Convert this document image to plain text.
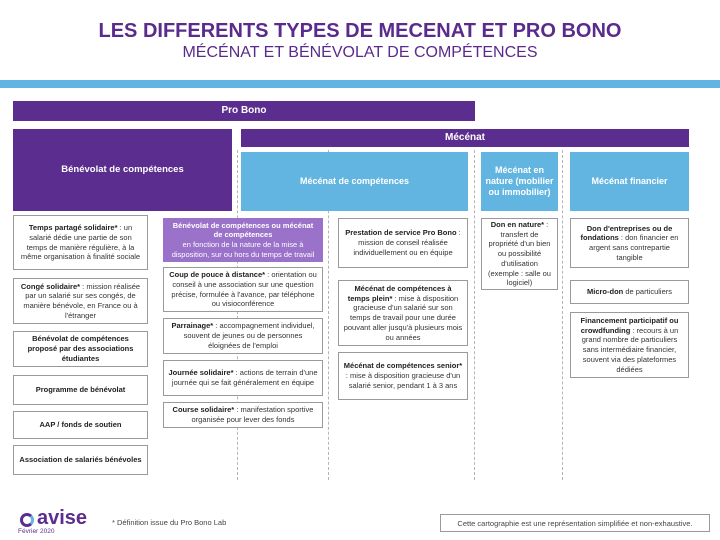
LES DIFFERENTS TYPES DE MECENAT ET PRO BONO
MÉCÉNAT ET BÉNÉVOLAT DE COMPÉTENCES
Pro Bono
Mécénat
Bénévolat de compétences
Mécénat de compétences
Mécénat en nature (mobilier ou immobilier)
Mécénat financier
Temps partagé solidaire* : un salarié dédie une partie de son temps de manière régulière, à la même organisation à finalité sociale
Congé solidaire* : mission réalisée par un salarié sur ses congés, de manière bénévole, en France ou à l'étranger
Bénévolat de compétences proposé par des associations étudiantes
Programme de bénévolat
AAP / fonds de soutien
Association de salariés bénévoles
Bénévolat de compétences ou mécénat de compétences
en fonction de la nature de la mise à disposition, sur ou hors du temps de travail
Coup de pouce à distance* : orientation ou conseil à une association sur une question précise, formulée à l'avance, par téléphone ou visioconférence
Parrainage* : accompagnement individuel, souvent de jeunes ou de personnes éloignées de l'emploi
Journée solidaire* : actions de terrain d'une journée qui se fait généralement en équipe
Course solidaire* : manifestation sportive organisée pour lever des fonds
Prestation de service Pro Bono : mission de conseil réalisée individuellement ou en équipe
Mécénat de compétences à temps plein* : mise à disposition gracieuse d'un salarié sur son temps de travail pour une durée pouvant aller jusqu'à plusieurs mois ou années
Mécénat de compétences senior* : mise à disposition gracieuse d'un salarié senior, pendant 1 à 3 ans
Don en nature* : transfert de propriété d'un bien ou possibilité d'utilisation (exemple : salle ou logiciel)
Don d'entreprises ou de fondations : don financier en argent sans contrepartie tangible
Micro-don de particuliers
Financement participatif ou crowdfunding : recours à un grand nombre de particuliers sans intermédiaire financier, souvent via des plateformes dédiées
avise
Février 2020
* Définition issue du Pro Bono Lab	Cette cartographie est une représentation simplifiée et non-exhaustive.
